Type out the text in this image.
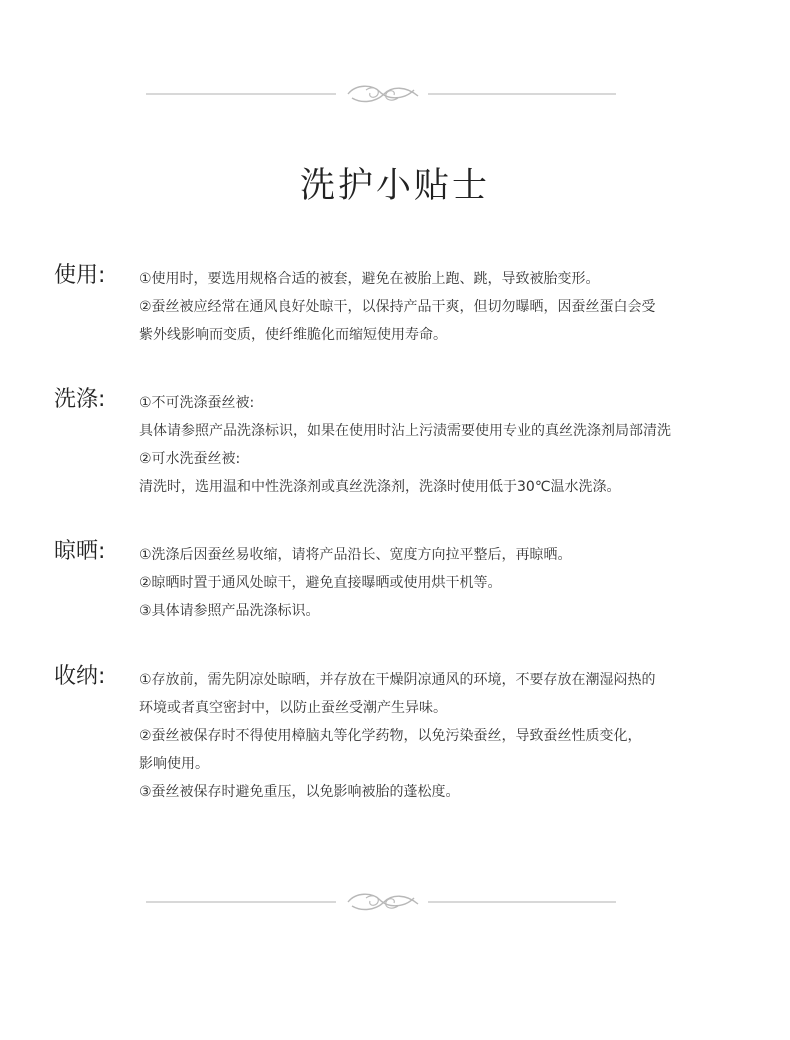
洗护小贴士
使用: ①使用时，要选用规格合适的被套，避免在被胎上跑、跳，导致被胎变形。
②蚕丝被应经常在通风良好处晾干，以保持产品干爽，但切勿曝晒，因蚕丝蛋白会受
紫外线影响而变质，使纤维脆化而缩短使用寿命。
洗涤: ①不可洗涤蚕丝被:
具体请参照产品洗涤标识，如果在使用时沾上污渍需要使用专业的真丝洗涤剂局部清洗
②可水洗蚕丝被:
清洗时，选用温和中性洗涤剂或真丝洗涤剂，洗涤时使用低于30℃温水洗涤。
晾晒: ①洗涤后因蚕丝易收缩，请将产品沿长、宽度方向拉平整后，再晾晒。
②晾晒时置于通风处晾干，避免直接曝晒或使用烘干机等。
③具体请参照产品洗涤标识。
收纳: ①存放前，需先阴凉处晾晒，并存放在干燥阴凉通风的环境，不要存放在潮湿闷热的
环境或者真空密封中，以防止蚕丝受潮产生异味。
②蚕丝被保存时不得使用樟脑丸等化学药物，以免污染蚕丝，导致蚕丝性质变化，
影响使用。
③蚕丝被保存时避免重压，以免影响被胎的蓬松度。
